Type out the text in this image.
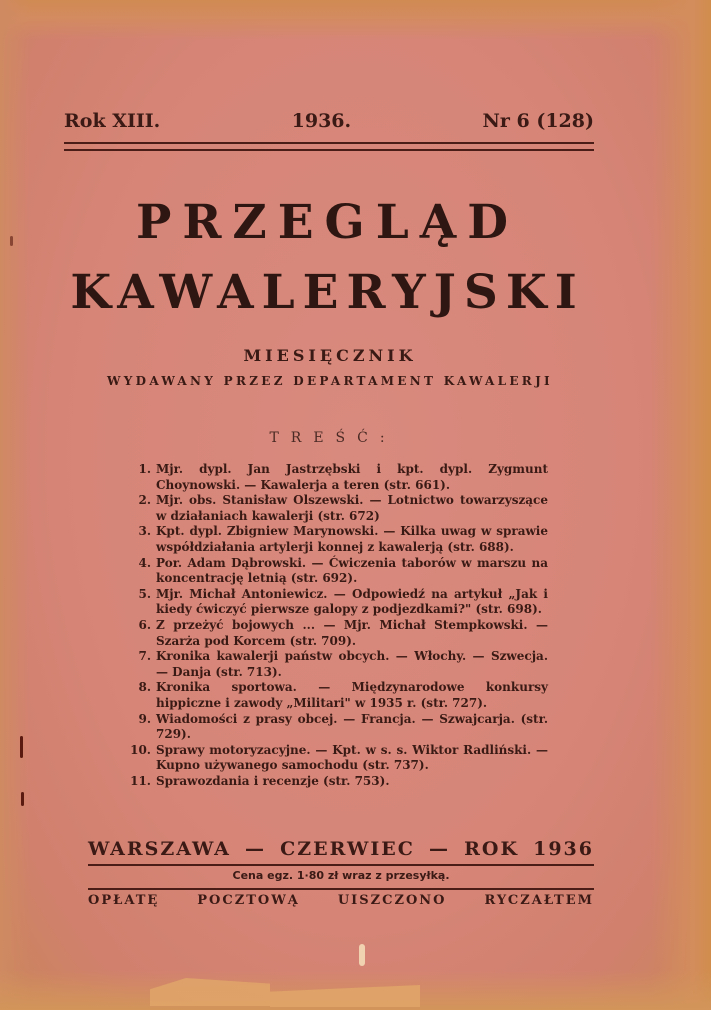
Rok XIII.	1936.	Nr 6 (128)
PRZEGLĄD
KAWALERYJSKI
MIESIĘCZNIK
WYDAWANY PRZEZ DEPARTAMENT KAWALERJI
TREŚĆ:
1. Mjr. dypl. Jan Jastrzębski i kpt. dypl. Zygmunt Choynowski. — Kawalerja a teren (str. 661).
2. Mjr. obs. Stanisław Olszewski. — Lotnictwo towarzyszące w działaniach kawalerji (str. 672)
3. Kpt. dypl. Zbigniew Marynowski. — Kilka uwag w sprawie współdziałania artylerji konnej z kawalerją (str. 688).
4. Por. Adam Dąbrowski. — Ćwiczenia taborów w marszu na koncentrację letnią (str. 692).
5. Mjr. Michał Antoniewicz. — Odpowiedź na artykuł „Jak i kiedy ćwiczyć pierwsze galopy z podjezdkami?" (str. 698).
6. Z przeżyć bojowych ... — Mjr. Michał Stempkowski. — Szarża pod Korcem (str. 709).
7. Kronika kawalerji państw obcych. — Włochy. — Szwecja. — Danja (str. 713).
8. Kronika sportowa. — Międzynarodowe konkursy hippiczne i zawody „Militari" w 1935 r. (str. 727).
9. Wiadomości z prasy obcej. — Francja. — Szwajcarja. (str. 729).
10. Sprawy motoryzacyjne. — Kpt. w s. s. Wiktor Radliński. — Kupno używanego samochodu (str. 737).
11. Sprawozdania i recenzje (str. 753).
WARSZAWA — CZERWIEC — ROK 1936
Cena egz. 1·80 zł wraz z przesyłką.
OPŁATĘ POCZTOWĄ UISZCZONO RYCZAŁTEM
